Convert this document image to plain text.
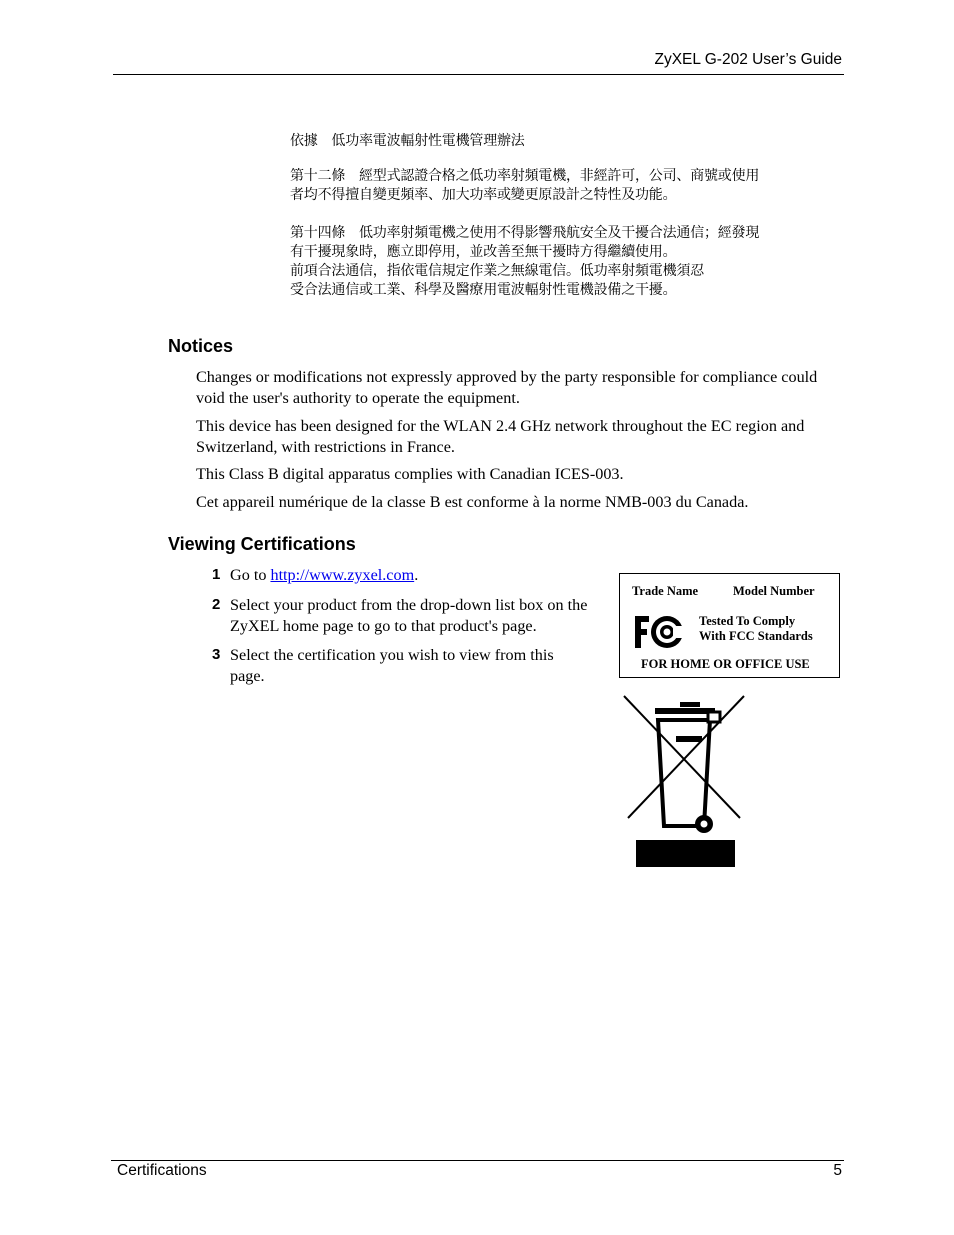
ZyXEL G-202 User’s Guide
依據　低功率電波輻射性電機管理辦法
第十二條　經型式認證合格之低功率射頻電機，非經許可，公司、商號或使用
者均不得擅自變更頻率、加大功率或變更原設計之特性及功能。
第十四條　低功率射頻電機之使用不得影響飛航安全及干擾合法通信；經發現
有干擾現象時，應立即停用，並改善至無干擾時方得繼續使用。
前項合法通信，指依電信規定作業之無線電信。低功率射頻電機須忍
受合法通信或工業、科學及醫療用電波輻射性電機設備之干擾。
Notices
Changes or modifications not expressly approved by the party responsible for compliance could void the user's authority to operate the equipment.
This device has been designed for the WLAN 2.4 GHz network throughout the EC region and Switzerland, with restrictions in France.
This Class B digital apparatus complies with Canadian ICES-003.
Cet appareil numérique de la classe B est conforme à la norme NMB-003 du Canada.
Viewing Certifications
1 Go to http://www.zyxel.com.
2 Select your product from the drop-down list box on the ZyXEL home page to go to that product's page.
3 Select the certification you wish to view from this page.
Trade Name	Model Number
Tested To Comply
With FCC Standards
FOR HOME OR OFFICE USE
Certifications	5
